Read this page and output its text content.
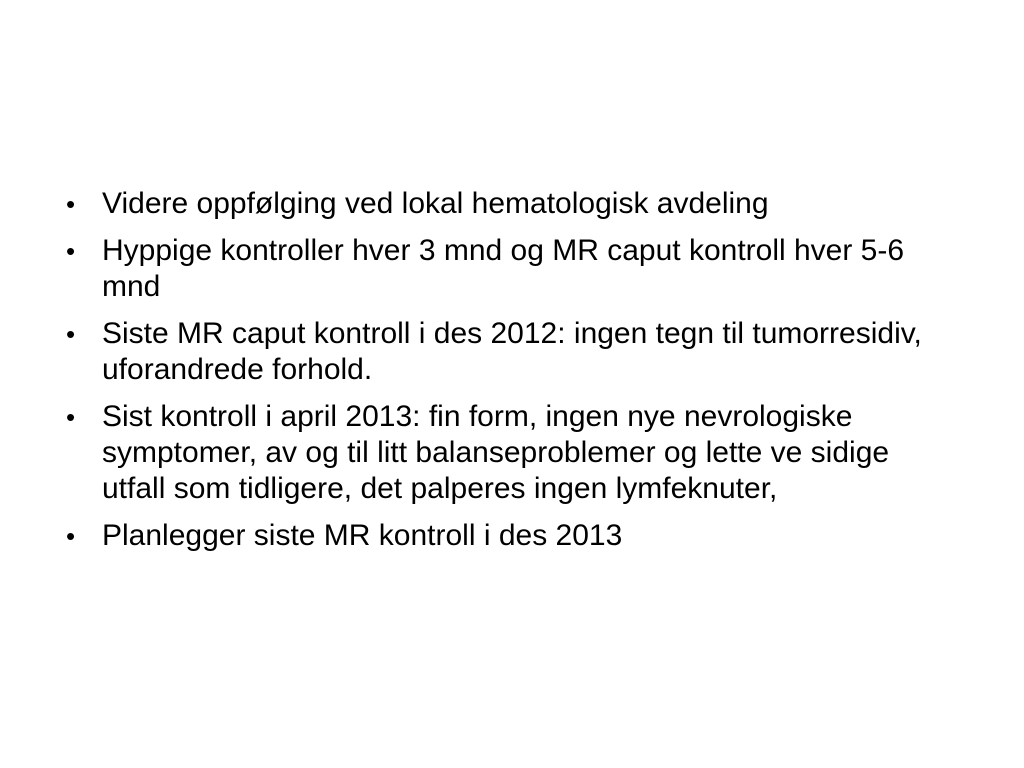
• Videre oppfølging ved lokal hematologisk avdeling
• Hyppige kontroller hver 3 mnd og MR caput kontroll hver 5-6 mnd
• Siste MR caput kontroll i des 2012: ingen tegn til tumorresidiv, uforandrede forhold.
• Sist kontroll i april 2013: fin form, ingen nye nevrologiske symptomer, av og til litt balanseproblemer og lette ve sidige utfall som tidligere, det palperes ingen lymfeknuter,
• Planlegger siste MR kontroll i des 2013
